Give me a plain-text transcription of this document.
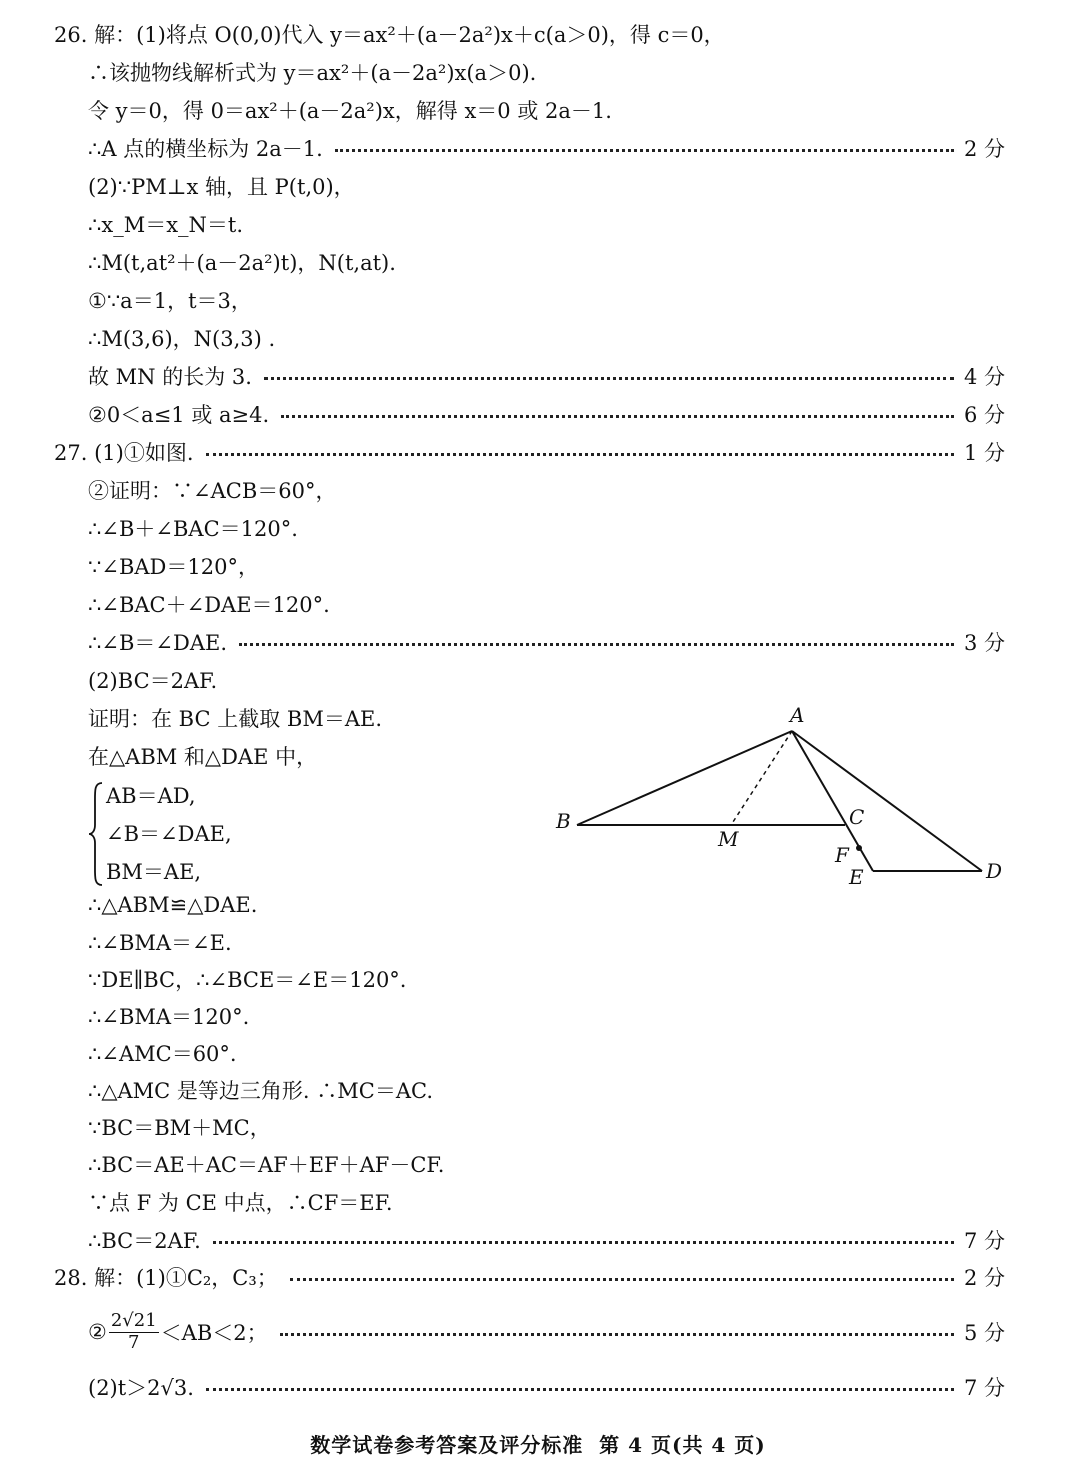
26. 解：(1)将点 O(0,0)代入 y＝ax²＋(a－2a²)x＋c(a＞0)，得 c＝0，
∴该抛物线解析式为 y＝ax²＋(a－2a²)x(a＞0).
令 y＝0，得 0＝ax²＋(a－2a²)x，解得 x＝0 或 2a－1.
∴A 点的横坐标为 2a－1.	2 分
(2)∵PM⊥x 轴，且 P(t,0)，
∴x_M＝x_N＝t.
∴M(t,at²＋(a－2a²)t)，N(t,at).
①∵a＝1，t＝3，
∴M(3,6)，N(3,3) .
故 MN 的长为 3.	4 分
②0＜a≤1 或 a≥4.	6 分
27. (1)①如图.	1 分
②证明：∵∠ACB＝60°，
∴∠B＋∠BAC＝120°.
∵∠BAD＝120°，
∴∠BAC＋∠DAE＝120°.
∴∠B＝∠DAE.	3 分
(2)BC＝2AF.
证明：在 BC 上截取 BM＝AE.
在△ABM 和△DAE 中，
AB＝AD,
∠B＝∠DAE,
BM＝AE,
∴△ABM≌△DAE.
∴∠BMA＝∠E.
∵DE∥BC，∴∠BCE＝∠E＝120°.
∴∠BMA＝120°.
∴∠AMC＝60°.
∴△AMC 是等边三角形. ∴MC＝AC.
∵BC＝BM＋MC，
∴BC＝AE＋AC＝AF＋EF＋AF－CF.
∵点 F 为 CE 中点，∴CF＝EF.
∴BC＝2AF.	7 分
28. 解：(1)①C₂，C₃；	2 分
② $\frac{2√21}{7} <AB<2$；	5 分
(2)t＞2√3.	7 分
A
B	C
M
F
E	D
数学试卷参考答案及评分标准  第 4 页(共 4 页)
